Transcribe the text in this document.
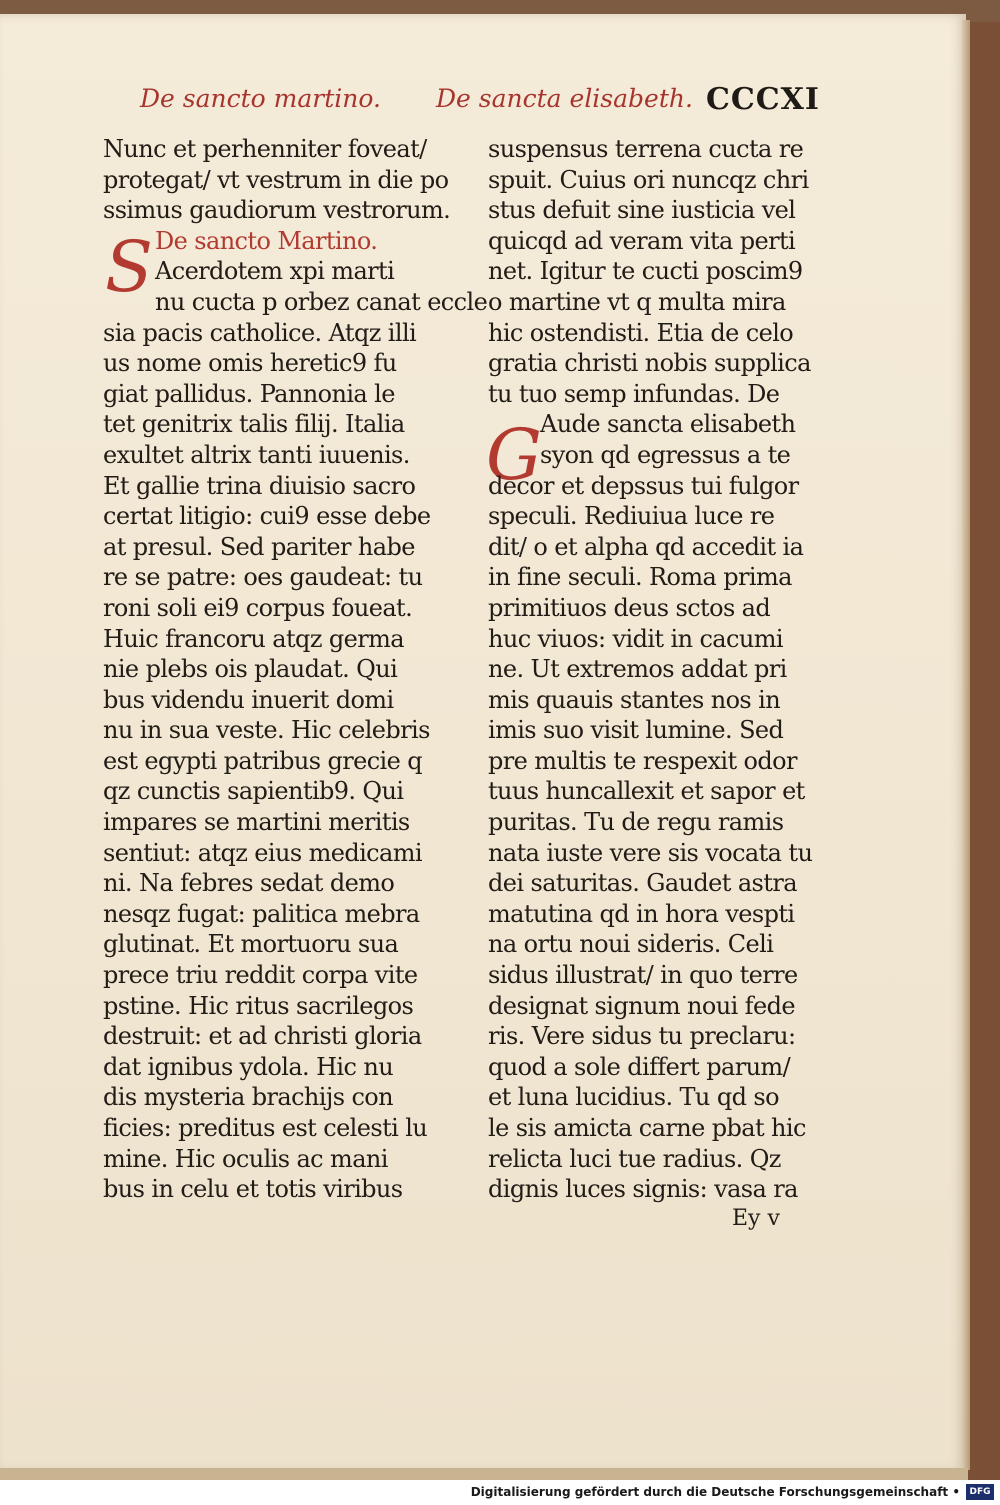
De sancto martino. De sancta elisabeth. CCCXI
S
G
Nunc et perhenniter foveat/
protegat/ vt vestrum in die po
ssimus gaudiorum vestrorum.
De sancto Martino.
Acerdotem xpi marti
nu cucta p orbez canat eccle
sia pacis catholice. Atqz illi
us nome omis heretic9 fu
giat pallidus. Pannonia le
tet genitrix talis filij. Italia
exultet altrix tanti iuuenis.
Et gallie trina diuisio sacro
certat litigio: cui9 esse debe
at presul. Sed pariter habe
re se patre: oes gaudeat: tu
roni soli ei9 corpus foueat.
Huic francoru atqz germa
nie plebs ois plaudat. Qui
bus videndu inuerit domi
nu in sua veste. Hic celebris
est egypti patribus grecie q
qz cunctis sapientib9. Qui
impares se martini meritis
sentiut: atqz eius medicami
ni. Na febres sedat demo
nesqz fugat: palitica mebra
glutinat. Et mortuoru sua
prece triu reddit corpa vite
pstine. Hic ritus sacrilegos
destruit: et ad christi gloria
dat ignibus ydola. Hic nu
dis mysteria brachijs con
ficies: preditus est celesti lu
mine. Hic oculis ac mani
bus in celu et totis viribus
suspensus terrena cucta re
spuit. Cuius ori nuncqz chri
stus defuit sine iusticia vel
quicqd ad veram vita perti
net. Igitur te cucti poscim9
o martine vt q multa mira
hic ostendisti. Etia de celo
gratia christi nobis supplica
tu tuo semp infundas. De
Aude sancta elisabeth
syon qd egressus a te
decor et depssus tui fulgor
speculi. Rediuiua luce re
dit/ o et alpha qd accedit ia
in fine seculi. Roma prima
primitiuos deus sctos ad
huc viuos: vidit in cacumi
ne. Ut extremos addat pri
mis quauis stantes nos in
imis suo visit lumine. Sed
pre multis te respexit odor
tuus huncallexit et sapor et
puritas. Tu de regu ramis
nata iuste vere sis vocata tu
dei saturitas. Gaudet astra
matutina qd in hora vespti
na ortu noui sideris. Celi
sidus illustrat/ in quo terre
designat signum noui fede
ris. Vere sidus tu preclaru:
quod a sole differt parum/
et luna lucidius. Tu qd so
le sis amicta carne pbat hic
relicta luci tue radius. Qz
dignis luces signis: vasa ra
Ey v
Digitalisierung gefördert durch die Deutsche Forschungsgemeinschaft •	DFG
